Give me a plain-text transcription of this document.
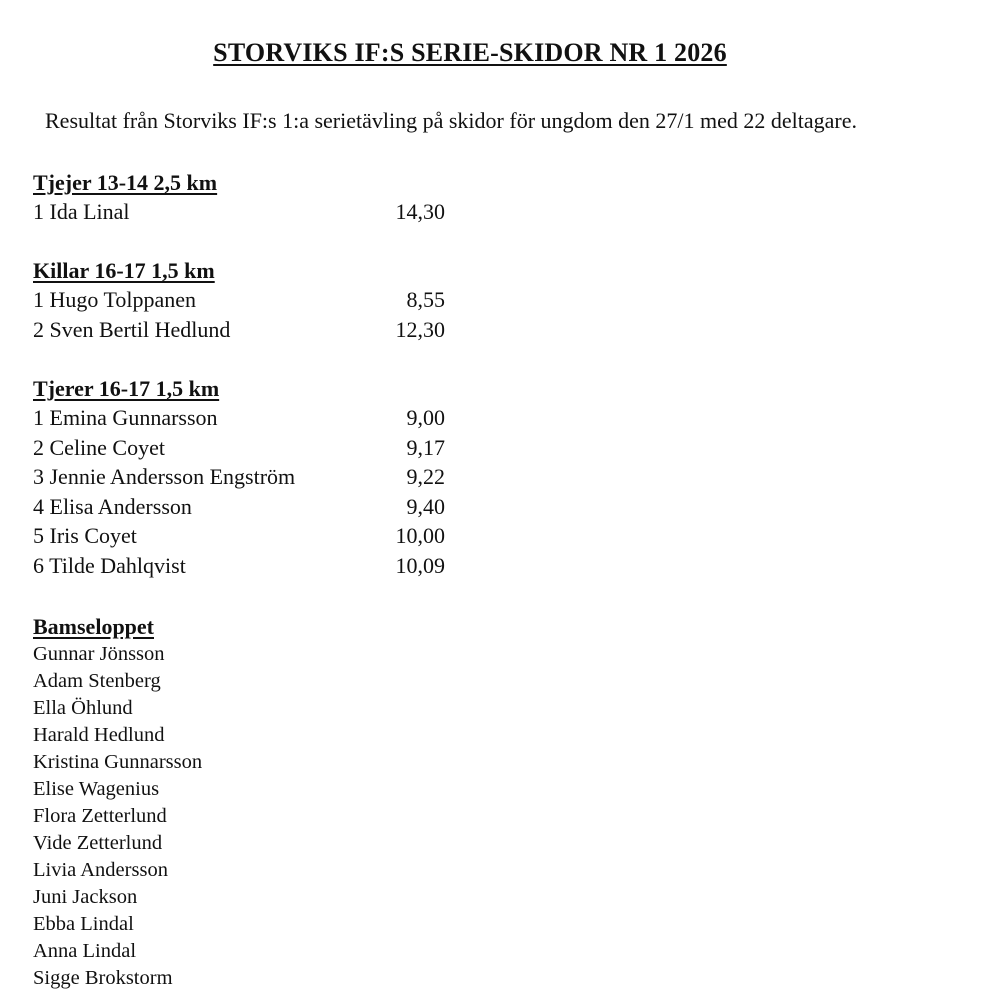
STORVIKS IF:S SERIE-SKIDOR NR 1 2026
Resultat från Storviks IF:s 1:a serietävling på skidor för ungdom den 27/1 med 22 deltagare.
Tjejer 13-14 2,5 km
1 Ida Linal	14,30
Killar 16-17 1,5 km
1 Hugo Tolppanen	8,55
2 Sven Bertil Hedlund	12,30
Tjerer 16-17 1,5 km
1 Emina Gunnarsson	9,00
2 Celine Coyet	9,17
3 Jennie Andersson Engström	9,22
4 Elisa Andersson	9,40
5 Iris Coyet	10,00
6 Tilde Dahlqvist	10,09
Bamseloppet
Gunnar Jönsson
Adam Stenberg
Ella Öhlund
Harald Hedlund
Kristina Gunnarsson
Elise Wagenius
Flora Zetterlund
Vide Zetterlund
Livia Andersson
Juni Jackson
Ebba Lindal
Anna Lindal
Sigge Brokstorm
